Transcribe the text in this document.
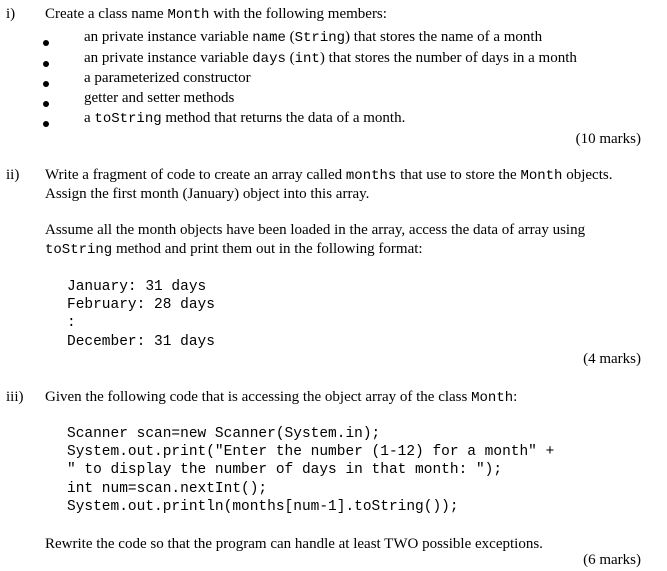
i) Create a class name Month with the following members:
an private instance variable name (String) that stores the name of a month
an private instance variable days (int) that stores the number of days in a month
a parameterized constructor
getter and setter methods
a toString method that returns the data of a month.
(10 marks)
ii) Write a fragment of code to create an array called months that use to store the Month objects.
Assign the first month (January) object into this array.
Assume all the month objects have been loaded in the array, access the data of array using
toString method and print them out in the following format:
January: 31 days
February: 28 days
:
December: 31 days
(4 marks)
iii) Given the following code that is accessing the object array of the class Month:
Scanner scan=new Scanner(System.in);
System.out.print("Enter the number (1-12) for a month" +
" to display the number of days in that month: ");
int num=scan.nextInt();
System.out.println(months[num-1].toString());
Rewrite the code so that the program can handle at least TWO possible exceptions.
(6 marks)
